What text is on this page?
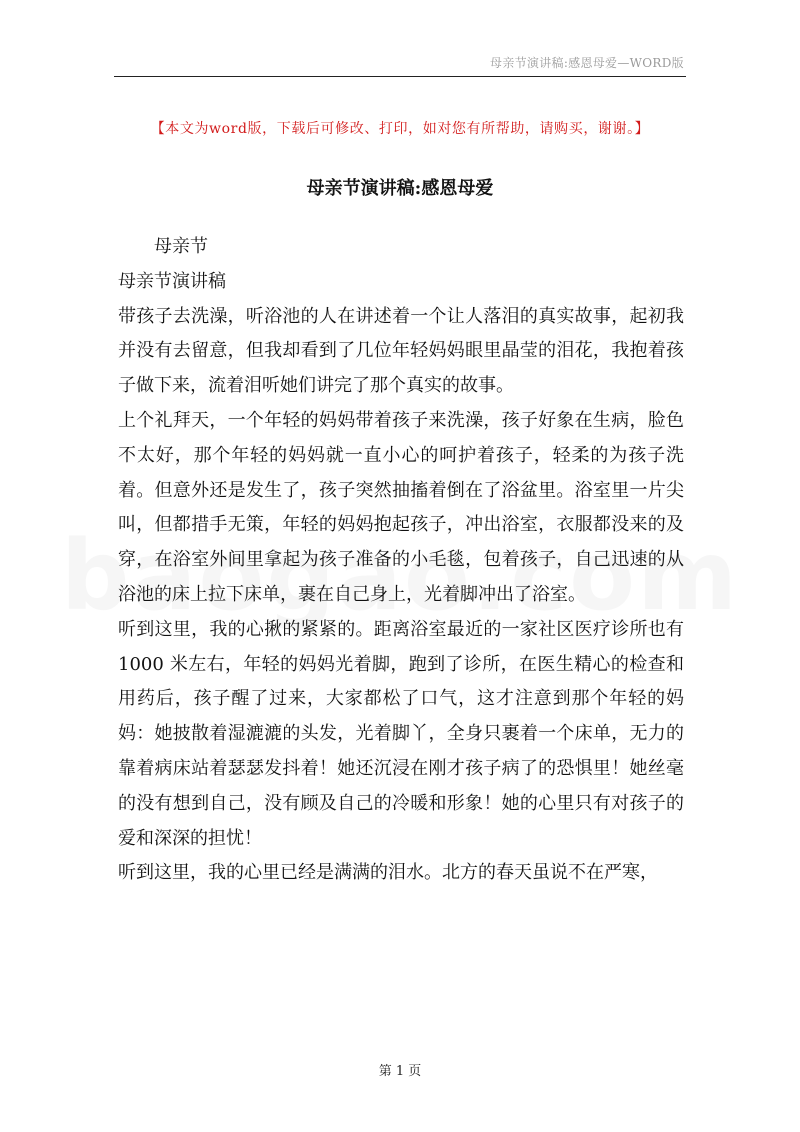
母亲节演讲稿:感恩母爱—WORD版
【本文为word版，下载后可修改、打印，如对您有所帮助，请购买，谢谢。】
母亲节演讲稿:感恩母爱

母亲节

母亲节演讲稿

带孩子去洗澡，听浴池的人在讲述着一个让人落泪的真实故事，起初我并没有去留意，但我却看到了几位年轻妈妈眼里晶莹的泪花，我抱着孩子做下来，流着泪听她们讲完了那个真实的故事。

上个礼拜天，一个年轻的妈妈带着孩子来洗澡，孩子好象在生病，脸色不太好，那个年轻的妈妈就一直小心的呵护着孩子，轻柔的为孩子洗着。但意外还是发生了，孩子突然抽搐着倒在了浴盆里。浴室里一片尖叫，但都措手无策，年轻的妈妈抱起孩子，冲出浴室，衣服都没来的及穿，在浴室外间里拿起为孩子准备的小毛毯，包着孩子，自己迅速的从浴池的床上拉下床单，裹在自己身上，光着脚冲出了浴室。

听到这里，我的心揪的紧紧的。距离浴室最近的一家社区医疗诊所也有 1000 米左右，年轻的妈妈光着脚，跑到了诊所，在医生精心的检查和用药后，孩子醒了过来，大家都松了口气，这才注意到那个年轻的妈妈：她披散着湿漉漉的头发，光着脚丫，全身只裹着一个床单，无力的靠着病床站着瑟瑟发抖着！她还沉浸在刚才孩子病了的恐惧里！她丝毫的没有想到自己，没有顾及自己的冷暖和形象！她的心里只有对孩子的爱和深深的担忧！

听到这里，我的心里已经是满满的泪水。北方的春天虽说不在严寒，

第 1 页
